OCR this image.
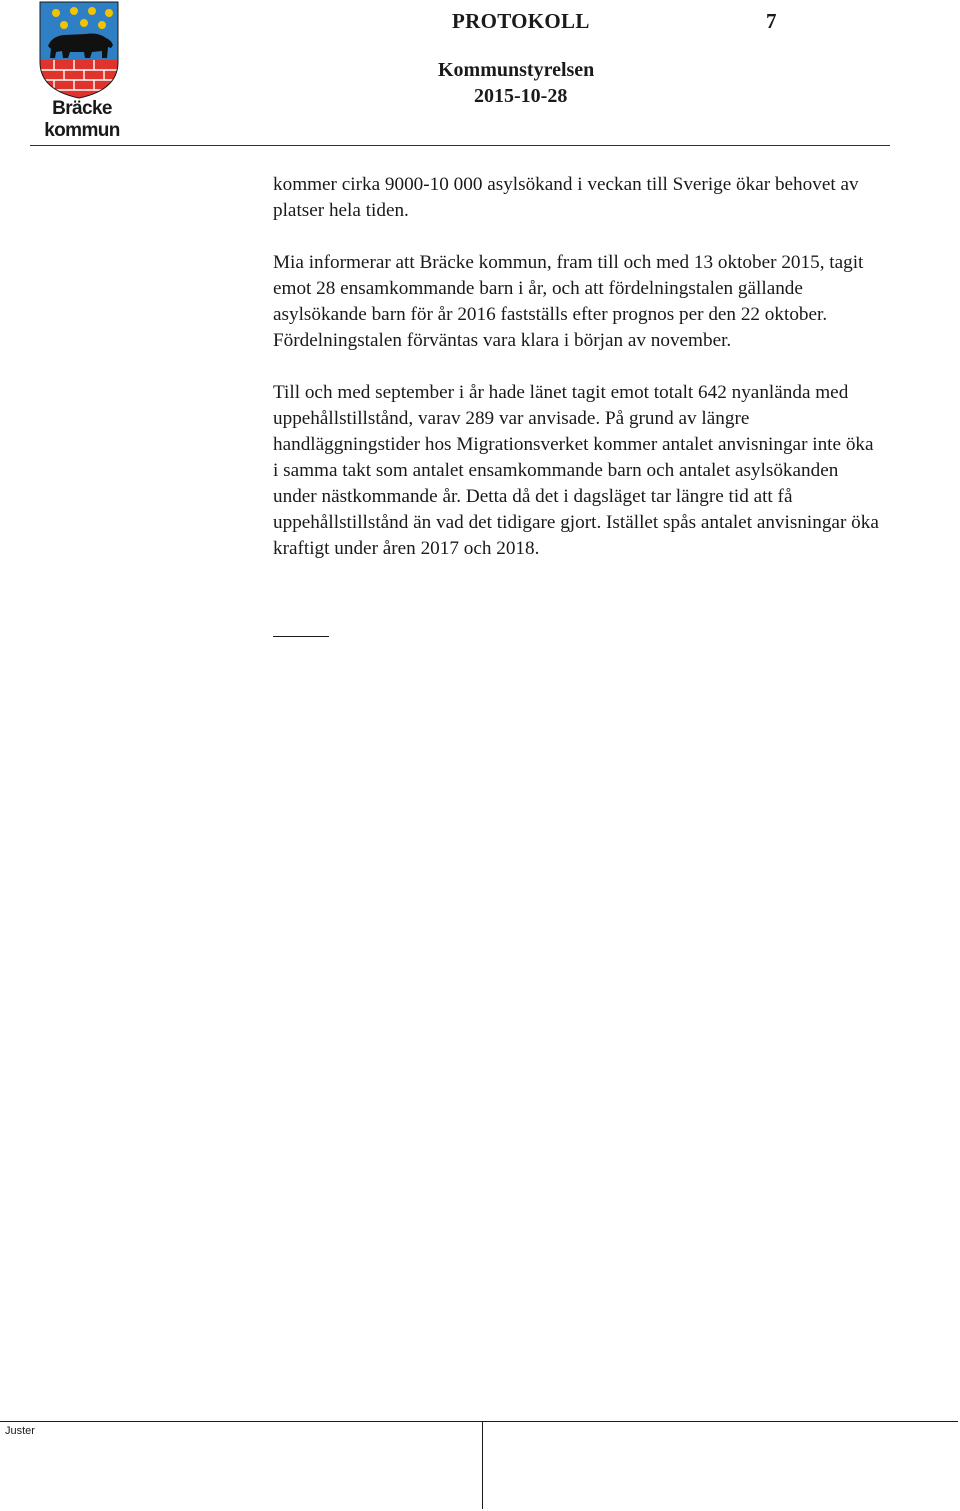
Bräcke kommun
PROTOKOLL	7
Kommunstyrelsen
2015-10-28

kommer cirka 9000-10 000 asylsökand i veckan till Sverige ökar behovet av platser hela tiden.

Mia informerar att Bräcke kommun, fram till och med 13 oktober 2015, tagit emot 28 ensamkommande barn i år, och att fördelningstalen gällande asylsökande barn för år 2016 fastställs efter prognos per den 22 oktober. Fördelningstalen förväntas vara klara i början av november.

Till och med september i år hade länet tagit emot totalt 642 nyanlända med uppehållstillstånd, varav 289 var anvisade. På grund av längre handläggningstider hos Migrationsverket kommer antalet anvisningar inte öka i samma takt som antalet ensamkommande barn och antalet asylsökanden under nästkommande år. Detta då det i dagsläget tar längre tid att få uppehållstillstånd än vad det tidigare gjort. Istället spås antalet anvisningar öka kraftigt under åren 2017 och 2018.

Juster
